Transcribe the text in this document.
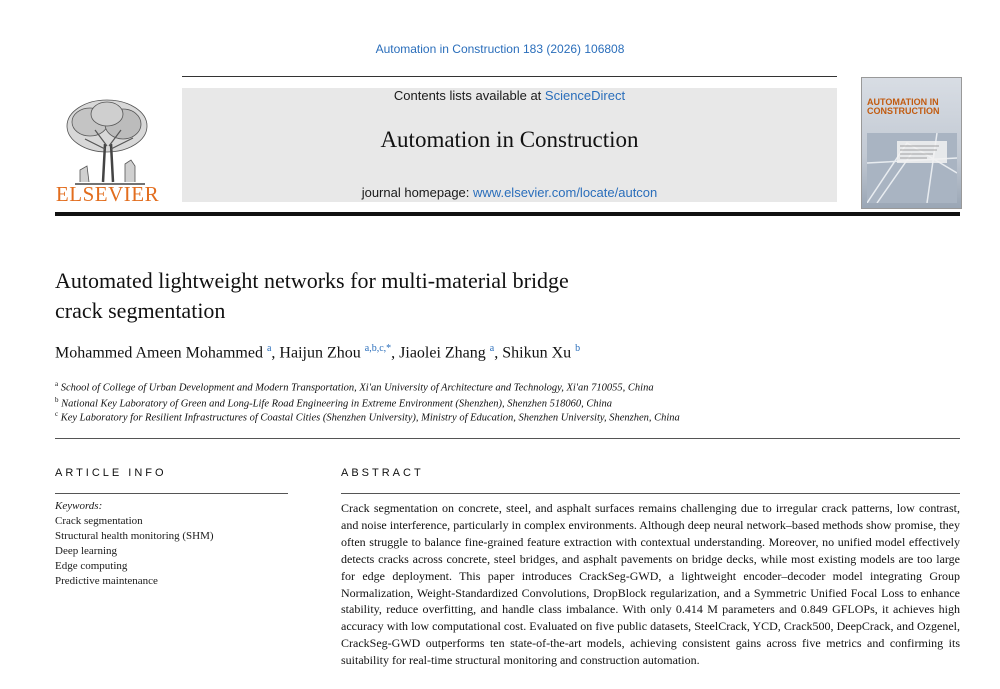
Automation in Construction 183 (2026) 106808
ELSEVIER
Contents lists available at ScienceDirect
Automation in Construction
journal homepage: www.elsevier.com/locate/autcon
AUTOMATION IN CONSTRUCTION
Automated lightweight networks for multi-material bridge
crack segmentation
Mohammed Ameen Mohammed $^a$, Haijun Zhou $^{a,b,c,*}$, Jiaolei Zhang $^a$, Shikun Xu $^b$
$^a$ School of College of Urban Development and Modern Transportation, Xi'an University of Architecture and Technology, Xi'an 710055, China
$^b$ National Key Laboratory of Green and Long-Life Road Engineering in Extreme Environment (Shenzhen), Shenzhen 518060, China
$^c$ Key Laboratory for Resilient Infrastructures of Coastal Cities (Shenzhen University), Ministry of Education, Shenzhen University, Shenzhen, China
ARTICLE INFO
Keywords:
Crack segmentation
Structural health monitoring (SHM)
Deep learning
Edge computing
Predictive maintenance
ABSTRACT
Crack segmentation on concrete, steel, and asphalt surfaces remains challenging due to irregular crack patterns, low contrast, and noise interference, particularly in complex environments. Although deep neural network–based methods show promise, they often struggle to balance fine-grained feature extraction with contextual understanding. Moreover, no unified model effectively detects cracks across concrete, steel bridges, and asphalt pavements on bridge decks, while most existing models are too large for edge deployment. This paper introduces CrackSeg-GWD, a lightweight encoder–decoder model integrating Group Normalization, Weight-Standardized Convolutions, DropBlock regularization, and a Symmetric Unified Focal Loss to enhance stability, reduce overfitting, and handle class imbalance. With only 0.414 M parameters and 0.849 GFLOPs, it achieves high accuracy with low computational cost. Evaluated on five public datasets, SteelCrack, YCD, Crack500, DeepCrack, and Ozgenel, CrackSeg-GWD outperforms ten state-of-the-art models, achieving consistent gains across five metrics and confirming its suitability for real-time structural monitoring and construction automation.
